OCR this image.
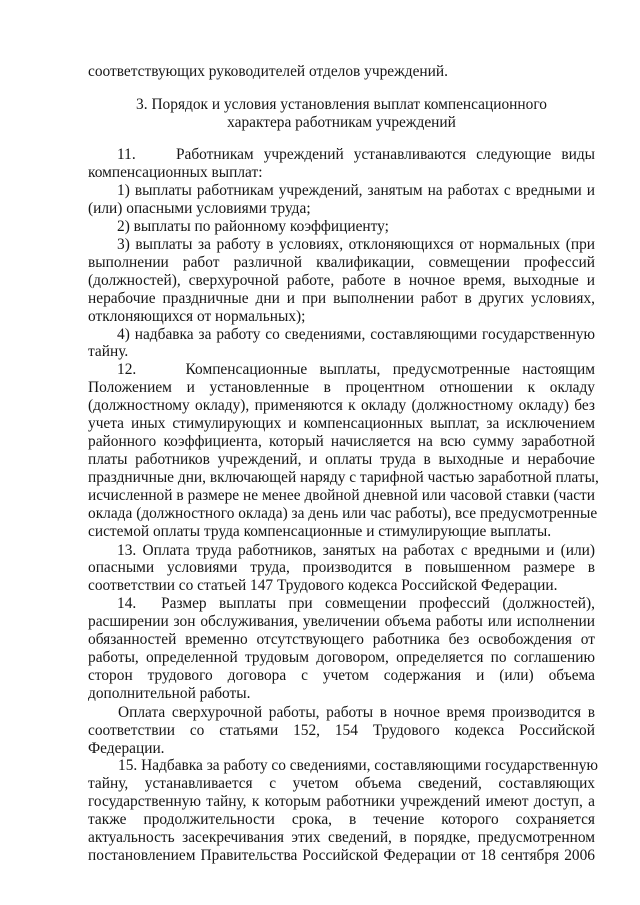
соответствующих руководителей отделов учреждений.
3. Порядок и условия установления выплат компенсационного
характера работникам учреждений
11.    Работникам учреждений устанавливаются следующие виды
компенсационных выплат:
1) выплаты работникам учреждений, занятым на работах с вредными и
(или) опасными условиями труда;
2) выплаты по районному коэффициенту;
3) выплаты за работу в условиях, отклоняющихся от нормальных (при
выполнении работ различной квалификации, совмещении профессий
(должностей), сверхурочной работе, работе в ночное время, выходные и
нерабочие праздничные дни и при выполнении работ в других условиях,
отклоняющихся от нормальных);
4) надбавка за работу со сведениями, составляющими государственную
тайну.
12.    Компенсационные выплаты, предусмотренные настоящим
Положением и установленные в процентном отношении к окладу
(должностному окладу), применяются к окладу (должностному окладу) без
учета иных стимулирующих и компенсационных выплат, за исключением
районного коэффициента, который начисляется на всю сумму заработной
платы работников учреждений, и оплаты труда в выходные и нерабочие
праздничные дни, включающей наряду с тарифной частью заработной платы,
исчисленной в размере не менее двойной дневной или часовой ставки (части
оклада (должностного оклада) за день или час работы), все предусмотренные
системой оплаты труда компенсационные и стимулирующие выплаты.
13. Оплата труда работников, занятых на работах с вредными и (или)
опасными условиями труда, производится в повышенном размере в
соответствии со статьей 147 Трудового кодекса Российской Федерации.
14.  Размер выплаты при совмещении профессий (должностей),
расширении зон обслуживания, увеличении объема работы или исполнении
обязанностей временно отсутствующего работника без освобождения от
работы, определенной трудовым договором, определяется по соглашению
сторон трудового договора с учетом содержания и (или) объема
дополнительной работы.
Оплата сверхурочной работы, работы в ночное время производится в
соответствии со статьями 152, 154 Трудового кодекса Российской
Федерации.
15. Надбавка за работу со сведениями, составляющими государственную
тайну, устанавливается с учетом объема сведений, составляющих
государственную тайну, к которым работники учреждений имеют доступ, а
также продолжительности срока, в течение которого сохраняется
актуальность засекречивания этих сведений, в порядке, предусмотренном
постановлением Правительства Российской Федерации от 18 сентября 2006
